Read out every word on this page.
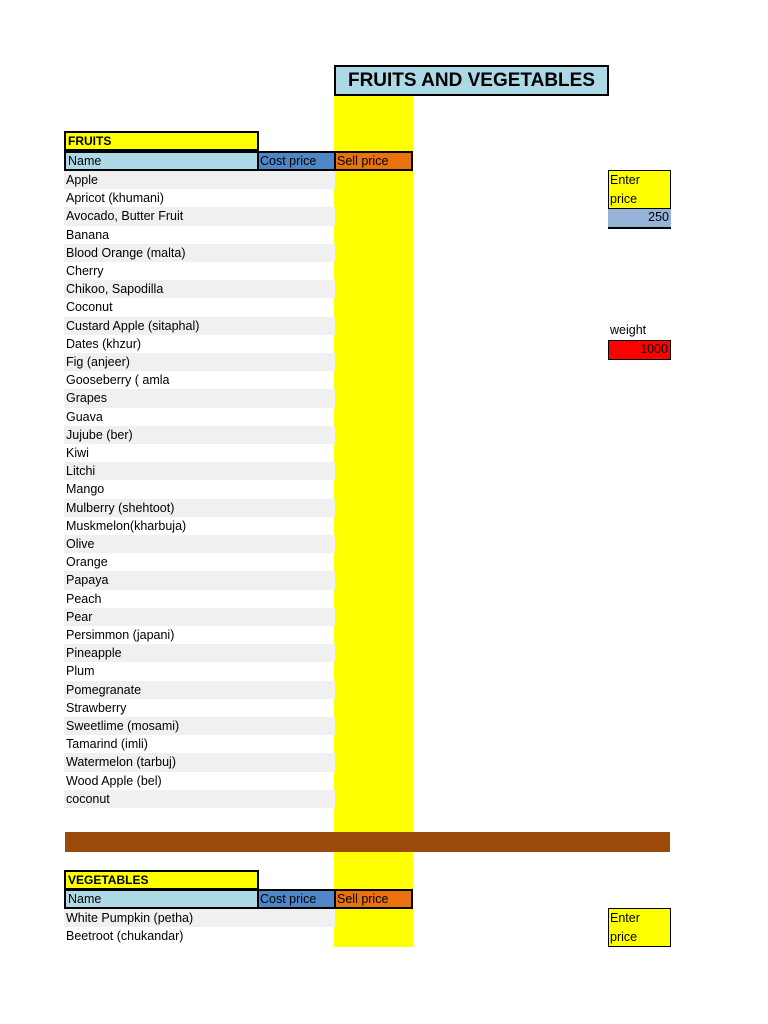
FRUITS AND VEGETABLES
FRUITS
Name	Cost price	Sell price
Apple
Apricot (khumani)
Avocado, Butter Fruit
Banana
Blood Orange (malta)
Cherry
Chikoo, Sapodilla
Coconut
Custard Apple (sitaphal)
Dates (khzur)
Fig (anjeer)
Gooseberry ( amla
Grapes
Guava
Jujube (ber)
Kiwi
Litchi
Mango
Mulberry (shehtoot)
Muskmelon(kharbuja)
Olive
Orange
Papaya
Peach
Pear
Persimmon (japani)
Pineapple
Plum
Pomegranate
Strawberry
Sweetlime (mosami)
Tamarind (imli)
Watermelon (tarbuj)
Wood Apple (bel)
coconut
Enter
price
250
weight
1000
VEGETABLES
Name	Cost price	Sell price
White Pumpkin (petha)
Beetroot (chukandar)
Enter
price
